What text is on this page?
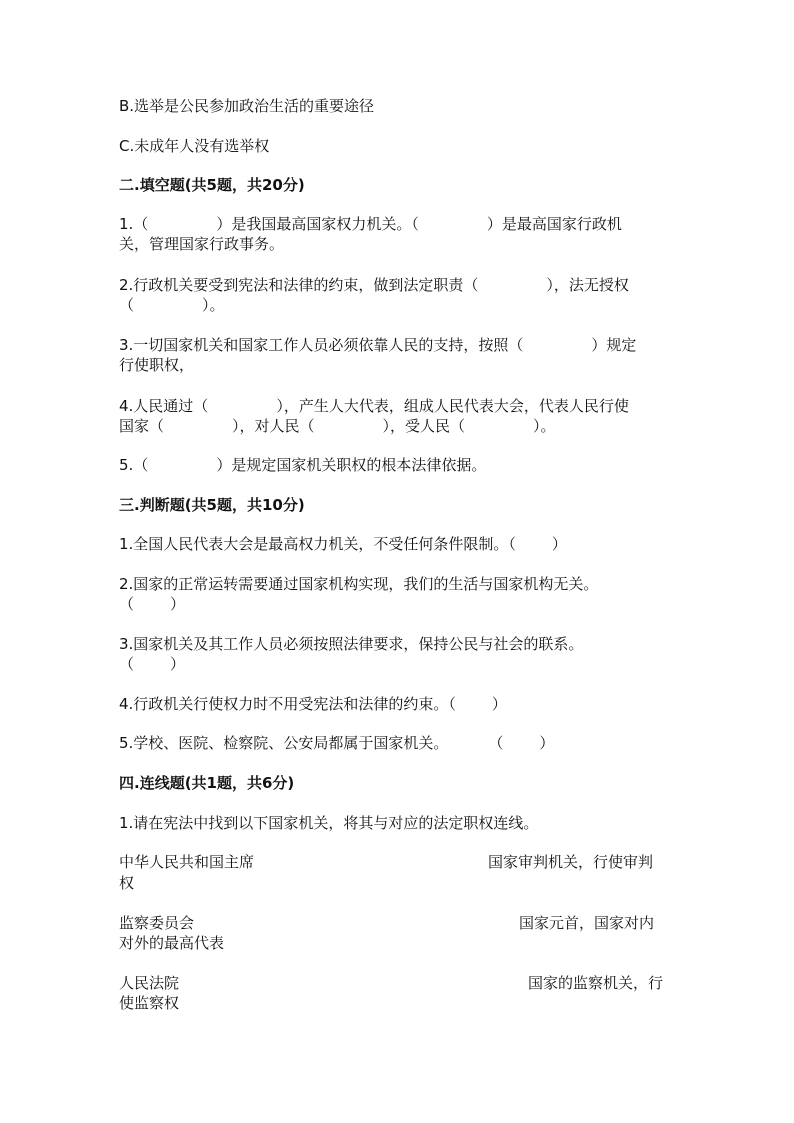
B.选举是公民参加政治生活的重要途径

C.未成年人没有选举权

二.填空题(共5题，共20分)

1.（	）是我国最高国家权力机关。（	）是最高国家行政机

关，管理国家行政事务。

2.行政机关要受到宪法和法律的约束，做到法定职责（	），法无授权

（	）。

3.一切国家机关和国家工作人员必须依靠人民的支持，按照（	）规定

行使职权，

4.人民通过（	），产生人大代表，组成人民代表大会，代表人民行使

国家（	），对人民（	），受人民（	）。

5.（	）是规定国家机关职权的根本法律依据。

三.判断题(共5题，共10分)

1.全国人民代表大会是最高权力机关，不受任何条件限制。（ ）

2.国家的正常运转需要通过国家机构实现，我们的生活与国家机构无关。

（ ）

3.国家机关及其工作人员必须按照法律要求，保持公民与社会的联系。

（ ）

4.行政机关行使权力时不用受宪法和法律的约束。（ ）

5.学校、医院、检察院、公安局都属于国家机关。	（ ）

四.连线题(共1题，共6分)

1.请在宪法中找到以下国家机关，将其与对应的法定职权连线。

中华人民共和国主席	国家审判机关，行使审判

权

监察委员会	国家元首，国家对内

对外的最高代表

人民法院	国家的监察机关，行

使监察权
